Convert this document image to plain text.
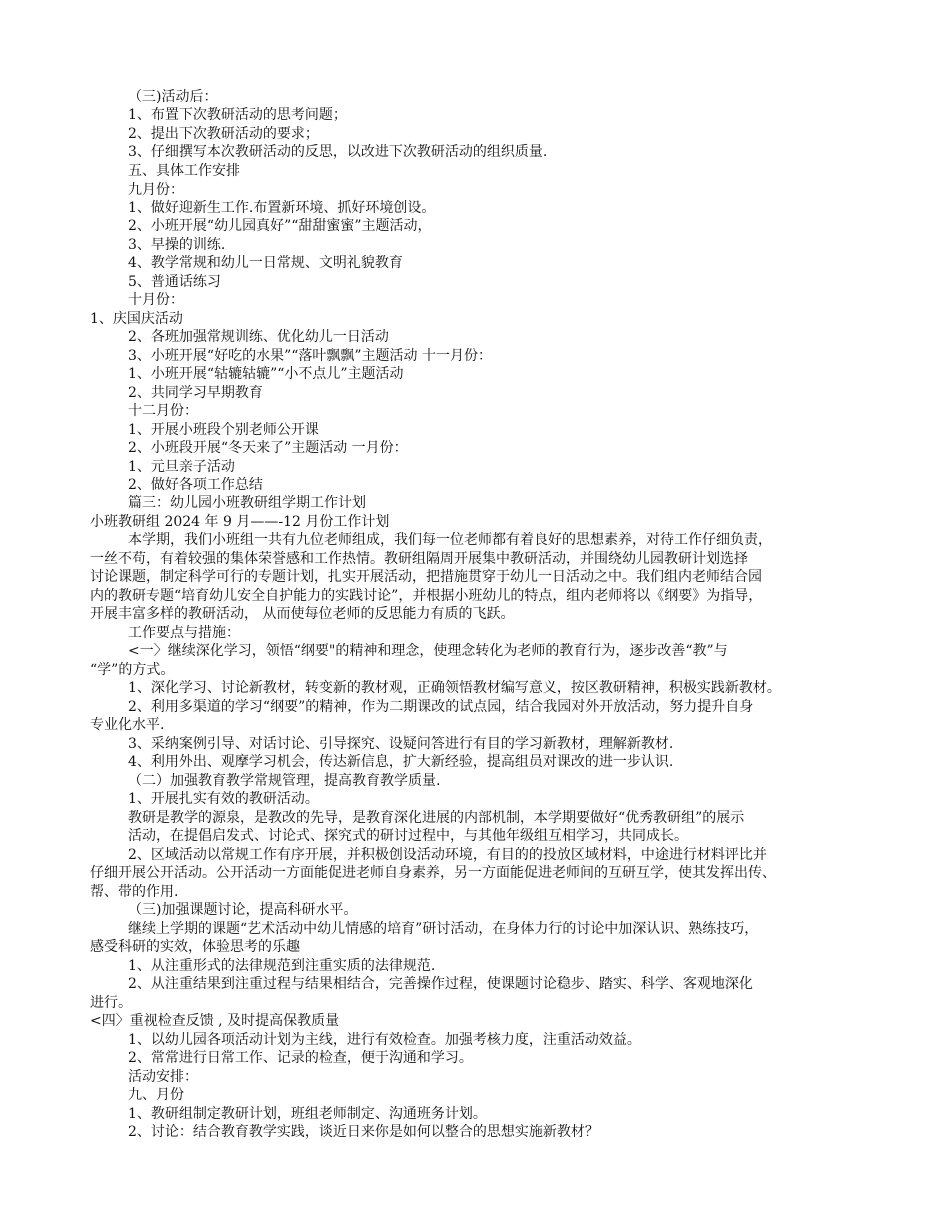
（三)活动后：

1、布置下次教研活动的思考问题；

2、提出下次教研活动的要求；

3、仔细撰写本次教研活动的反思，以改进下次教研活动的组织质量.

五、具体工作安排

九月份：

1、做好迎新生工作.布置新环境、抓好环境创设。

2、小班开展“幼儿园真好”“甜甜蜜蜜”主题活动，

3、早操的训练.

4、教学常规和幼儿一日常规、文明礼貌教育

5、普通话练习

十月份：

1、庆国庆活动

2、各班加强常规训练、优化幼儿一日活动

3、小班开展“好吃的水果”“落叶飘飘”主题活动 十一月份：

1、小班开展“轱辘轱辘”“小不点儿”主题活动

2、共同学习早期教育

十二月份：

1、开展小班段个别老师公开课

2、小班段开展“冬天来了”主题活动 一月份：

1、元旦亲子活动

2、做好各项工作总结

篇三：幼儿园小班教研组学期工作计划

小班教研组 2024 年 9 月——-12 月份工作计划

本学期，我们小班组一共有九位老师组成，我们每一位老师都有着良好的思想素养，对待工作仔细负责，

一丝不苟，有着较强的集体荣誉感和工作热情。教研组隔周开展集中教研活动，并围绕幼儿园教研计划选择

讨论课题，制定科学可行的专题计划，扎实开展活动，把措施贯穿于幼儿一日活动之中。我们组内老师结合园

内的教研专题“培育幼儿安全自护能力的实践讨论”，并根据小班幼儿的特点，组内老师将以《纲要》为指导，

开展丰富多样的教研活动， 从而使每位老师的反思能力有质的飞跃。

工作要点与措施：

<一〉继续深化学习，领悟“纲要"的精神和理念，使理念转化为老师的教育行为，逐步改善“教”与

“学”的方式。

1、深化学习、讨论新教材，转变新的教材观，正确领悟教材编写意义，按区教研精神，积极实践新教材。

2、利用多渠道的学习“纲要”的精神，作为二期课改的试点园，结合我园对外开放活动，努力提升自身

专业化水平.

3、采纳案例引导、对话讨论、引导探究、设疑问答进行有目的学习新教材，理解新教材.

4、利用外出、观摩学习机会，传达新信息，扩大新经验，提高组员对课改的进一步认识.

（二）加强教育教学常规管理，提高教育教学质量.

1、开展扎实有效的教研活动。

教研是教学的源泉，是教改的先导，是教育深化进展的内部机制，本学期要做好“优秀教研组”的展示

活动，在提倡启发式、讨论式、探究式的研讨过程中，与其他年级组互相学习，共同成长。

2、区域活动以常规工作有序开展，并积极创设活动环境，有目的的投放区域材料，中途进行材料评比并

仔细开展公开活动。公开活动一方面能促进老师自身素养，另一方面能促进老师间的互研互学，使其发挥出传、

帮、带的作用.

（三)加强课题讨论，提高科研水平。

继续上学期的课题“艺术活动中幼儿情感的培育”研讨活动，在身体力行的讨论中加深认识、熟练技巧，

感受科研的实效，体验思考的乐趣

1、从注重形式的法律规范到注重实质的法律规范.

2、从注重结果到注重过程与结果相结合，完善操作过程，使课题讨论稳步、踏实、科学、客观地深化

进行。

<四〉重视检查反馈 , 及时提高保教质量

1、以幼儿园各项活动计划为主线，进行有效检查。加强考核力度，注重活动效益。

2、常常进行日常工作、记录的检查，便于沟通和学习。

活动安排：

九、月份

1、教研组制定教研计划，班组老师制定、沟通班务计划。

2、讨论：结合教育教学实践，谈近日来你是如何以整合的思想实施新教材？
